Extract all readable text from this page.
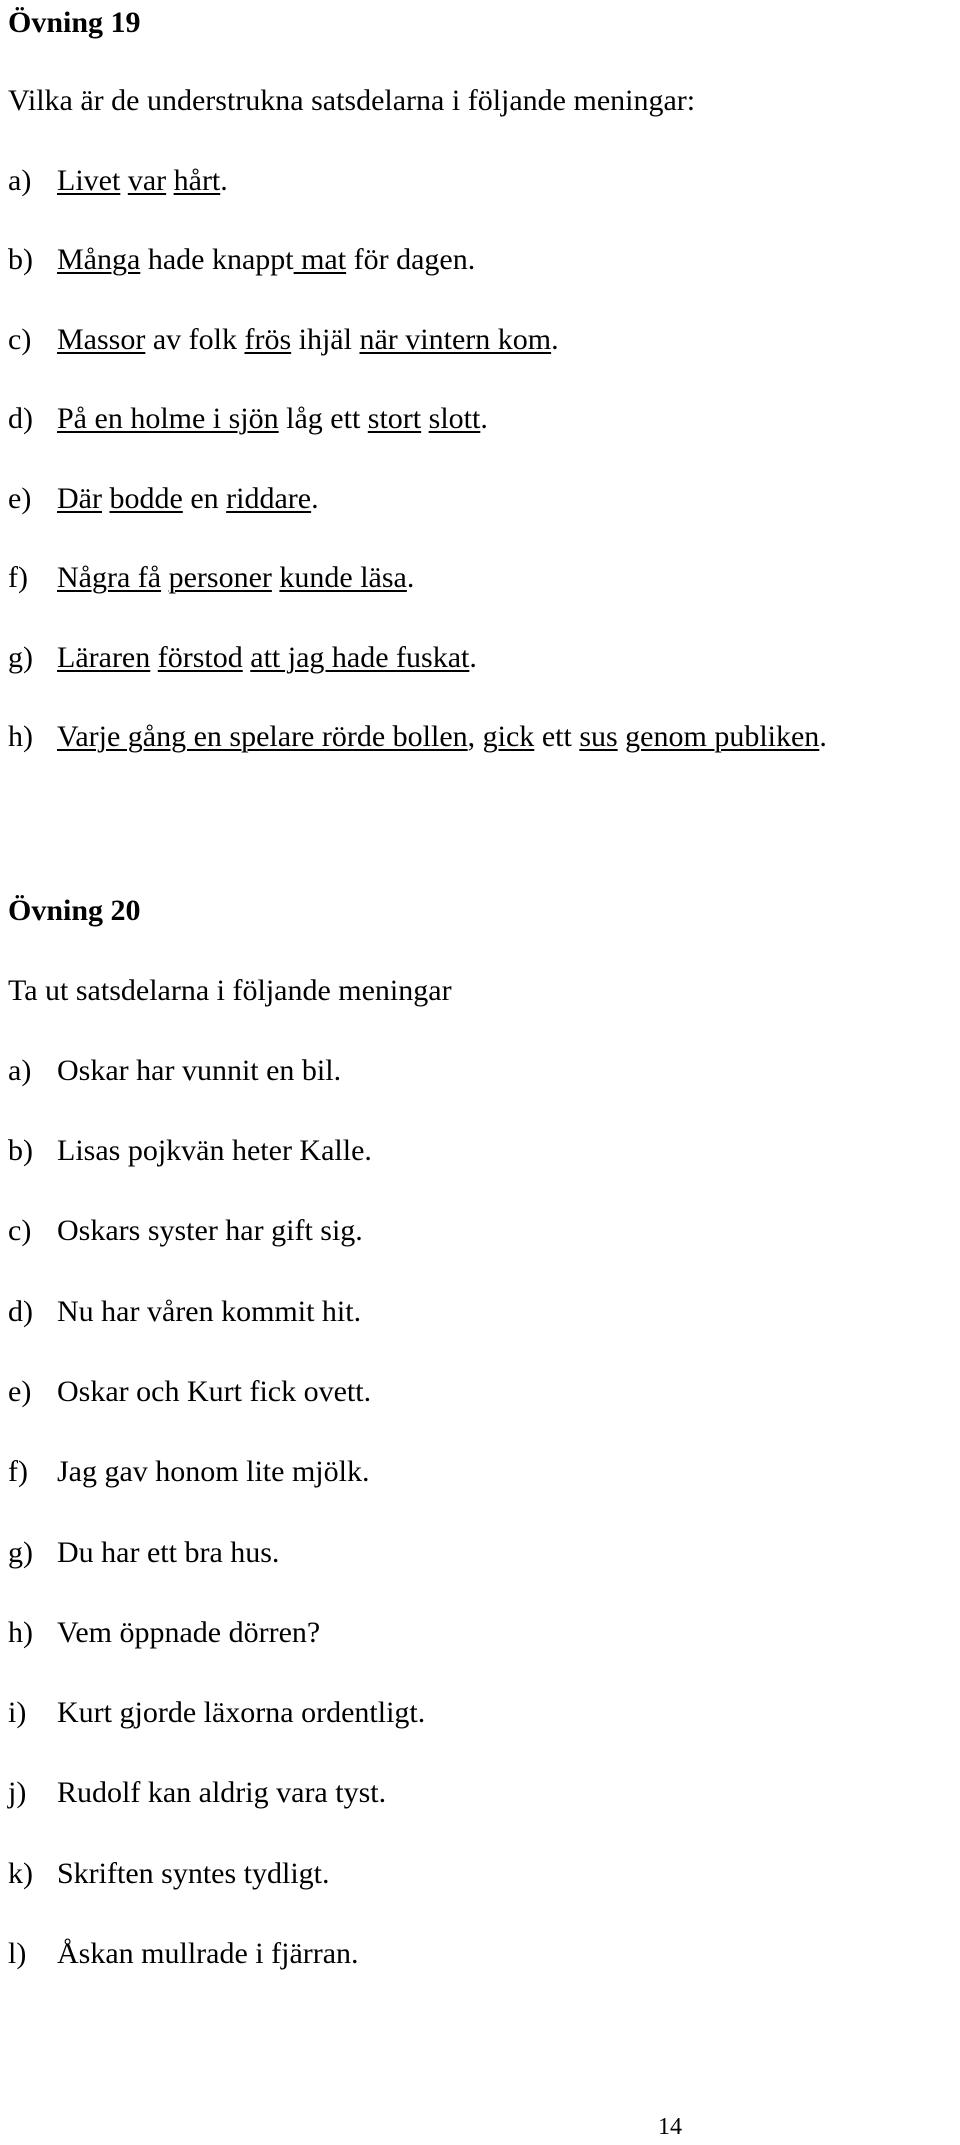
Övning 19

Vilka är de understrukna satsdelarna i följande meningar:

a) Livet var hårt.
b) Många hade knappt mat för dagen.
c) Massor av folk frös ihjäl när vintern kom.
d) På en holme i sjön låg ett stort slott.
e) Där bodde en riddare.
f) Några få personer kunde läsa.
g) Läraren förstod att jag hade fuskat.
h) Varje gång en spelare rörde bollen, gick ett sus genom publiken.
Övning 20

Ta ut satsdelarna i följande meningar

a) Oskar har vunnit en bil.
b) Lisas pojkvän heter Kalle.
c) Oskars syster har gift sig.
d) Nu har våren kommit hit.
e) Oskar och Kurt fick ovett.
f) Jag gav honom lite mjölk.
g) Du har ett bra hus.
h) Vem öppnade dörren?
i) Kurt gjorde läxorna ordentligt.
j) Rudolf kan aldrig vara tyst.
k) Skriften syntes tydligt.
l) Åskan mullrade i fjärran.
14
